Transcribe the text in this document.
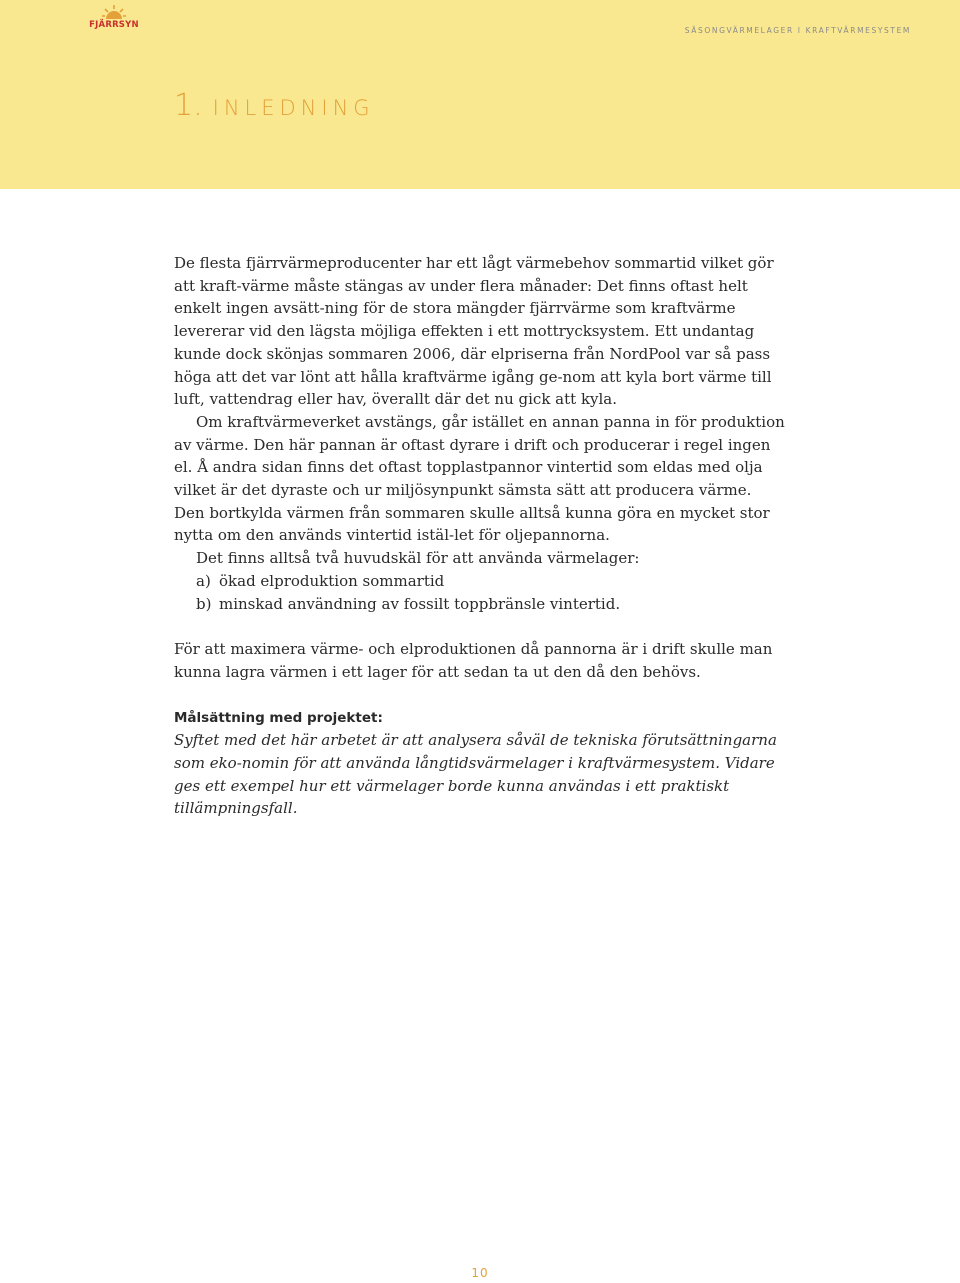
FJÄRRSYN
SÄSONGVÄRMELAGER I KRAFTVÄRMESYSTEM
1. inledning

De flesta fjärrvärmeproducenter har ett lågt värmebehov sommartid vilket gör att kraft-värme måste stängas av under flera månader: Det finns oftast helt enkelt ingen avsätt-ning för de stora mängder fjärrvärme som kraftvärme levererar vid den lägsta möjliga effekten i ett mottrycksystem. Ett undantag kunde dock skönjas sommaren 2006, där elpriserna från NordPool var så pass höga att det var lönt att hålla kraftvärme igång ge-nom att kyla bort värme till luft, vattendrag eller hav, överallt där det nu gick att kyla.

Om kraftvärmeverket avstängs, går istället en annan panna in för produktion av värme. Den här pannan är oftast dyrare i drift och producerar i regel ingen el. Å andra sidan finns det oftast topplastpannor vintertid som eldas med olja vilket är det dyraste och ur miljösynpunkt sämsta sätt att producera värme. Den bortkylda värmen från sommaren skulle alltså kunna göra en mycket stor nytta om den används vintertid istäl-let för oljepannorna.

Det finns alltså två huvudskäl för att använda värmelager:

a) ökad elproduktion sommartid

b) minskad användning av fossilt toppbränsle vintertid.

För att maximera värme- och elproduktionen då pannorna är i drift skulle man kunna lagra värmen i ett lager för att sedan ta ut den då den behövs.

Målsättning med projektet:

Syftet med det här arbetet är att analysera såväl de tekniska förutsättningarna som eko-nomin för att använda långtidsvärmelager i kraftvärmesystem. Vidare ges ett exempel hur ett värmelager borde kunna användas i ett praktiskt tillämpningsfall.

10
